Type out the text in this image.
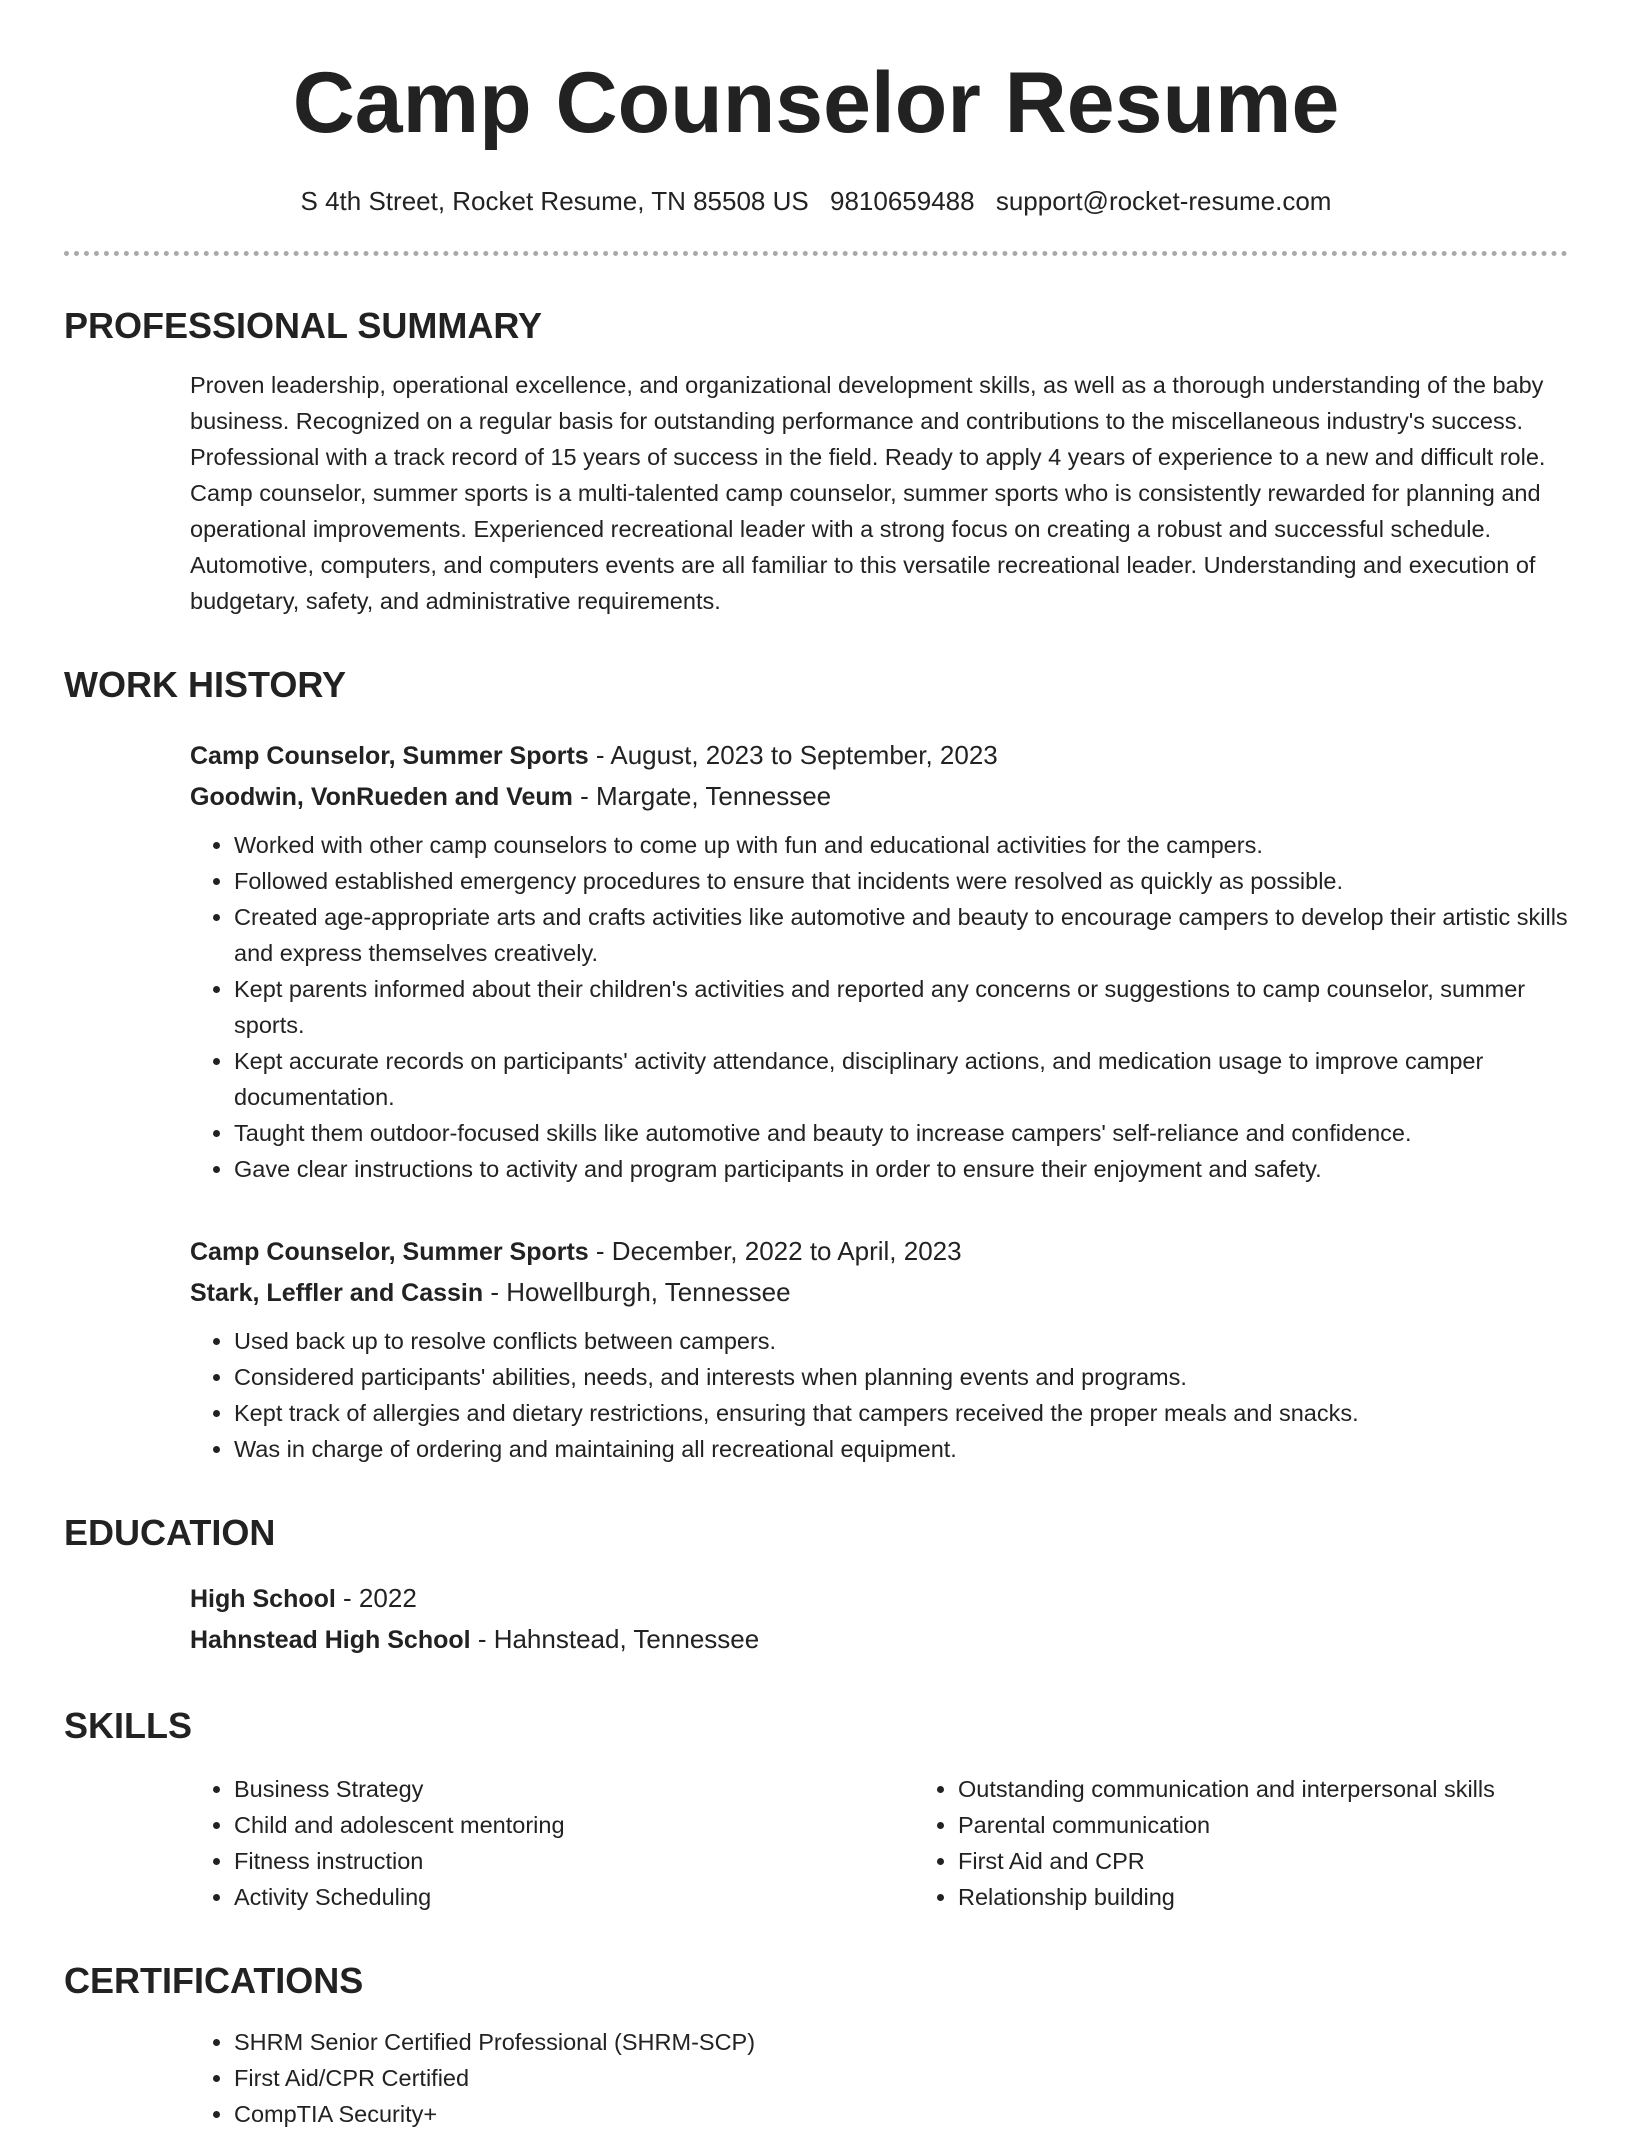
Camp Counselor Resume
S 4th Street, Rocket Resume, TN 85508 US 9810659488 support@rocket-resume.com
PROFESSIONAL SUMMARY
Proven leadership, operational excellence, and organizational development skills, as well as a thorough understanding of the baby business. Recognized on a regular basis for outstanding performance and contributions to the miscellaneous industry's success. Professional with a track record of 15 years of success in the field. Ready to apply 4 years of experience to a new and difficult role. Camp counselor, summer sports is a multi-talented camp counselor, summer sports who is consistently rewarded for planning and operational improvements. Experienced recreational leader with a strong focus on creating a robust and successful schedule. Automotive, computers, and computers events are all familiar to this versatile recreational leader. Understanding and execution of budgetary, safety, and administrative requirements.
WORK HISTORY
Camp Counselor, Summer Sports - August, 2023 to September, 2023
Goodwin, VonRueden and Veum - Margate, Tennessee
• Worked with other camp counselors to come up with fun and educational activities for the campers.
• Followed established emergency procedures to ensure that incidents were resolved as quickly as possible.
• Created age-appropriate arts and crafts activities like automotive and beauty to encourage campers to develop their artistic skills and express themselves creatively.
• Kept parents informed about their children's activities and reported any concerns or suggestions to camp counselor, summer sports.
• Kept accurate records on participants' activity attendance, disciplinary actions, and medication usage to improve camper documentation.
• Taught them outdoor-focused skills like automotive and beauty to increase campers' self-reliance and confidence.
• Gave clear instructions to activity and program participants in order to ensure their enjoyment and safety.
Camp Counselor, Summer Sports - December, 2022 to April, 2023
Stark, Leffler and Cassin - Howellburgh, Tennessee
• Used back up to resolve conflicts between campers.
• Considered participants' abilities, needs, and interests when planning events and programs.
• Kept track of allergies and dietary restrictions, ensuring that campers received the proper meals and snacks.
• Was in charge of ordering and maintaining all recreational equipment.
EDUCATION
High School - 2022
Hahnstead High School - Hahnstead, Tennessee
SKILLS
• Business Strategy
• Child and adolescent mentoring
• Fitness instruction
• Activity Scheduling
• Outstanding communication and interpersonal skills
• Parental communication
• First Aid and CPR
• Relationship building
CERTIFICATIONS
• SHRM Senior Certified Professional (SHRM-SCP)
• First Aid/CPR Certified
• CompTIA Security+
